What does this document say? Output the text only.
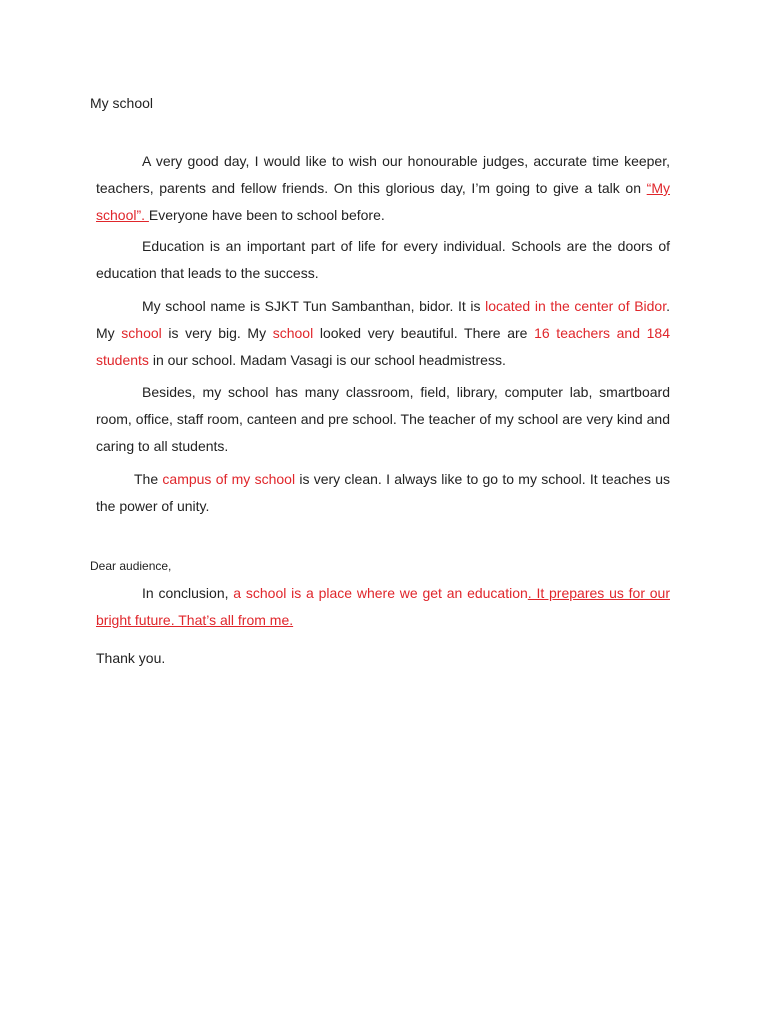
My school

A very good day, I would like to wish our honourable judges, accurate time keeper, teachers, parents and fellow friends. On this glorious day, I’m going to give a talk on “My school”. Everyone have been to school before.

Education is an important part of life for every individual. Schools are the doors of education that leads to the success.

My school name is SJKT Tun Sambanthan, bidor. It is located in the center of Bidor. My school is very big. My school looked very beautiful. There are 16 teachers and 184 students in our school. Madam Vasagi is our school headmistress.

Besides, my school has many classroom, field, library, computer lab, smartboard room, office, staff room, canteen and pre school. The teacher of my school are very kind and caring to all students.

The campus of my school is very clean. I always like to go to my school. It teaches us the power of unity.

Dear audience,

In conclusion, a school is a place where we get an education. It prepares us for our bright future. That’s all from me.

Thank you.
